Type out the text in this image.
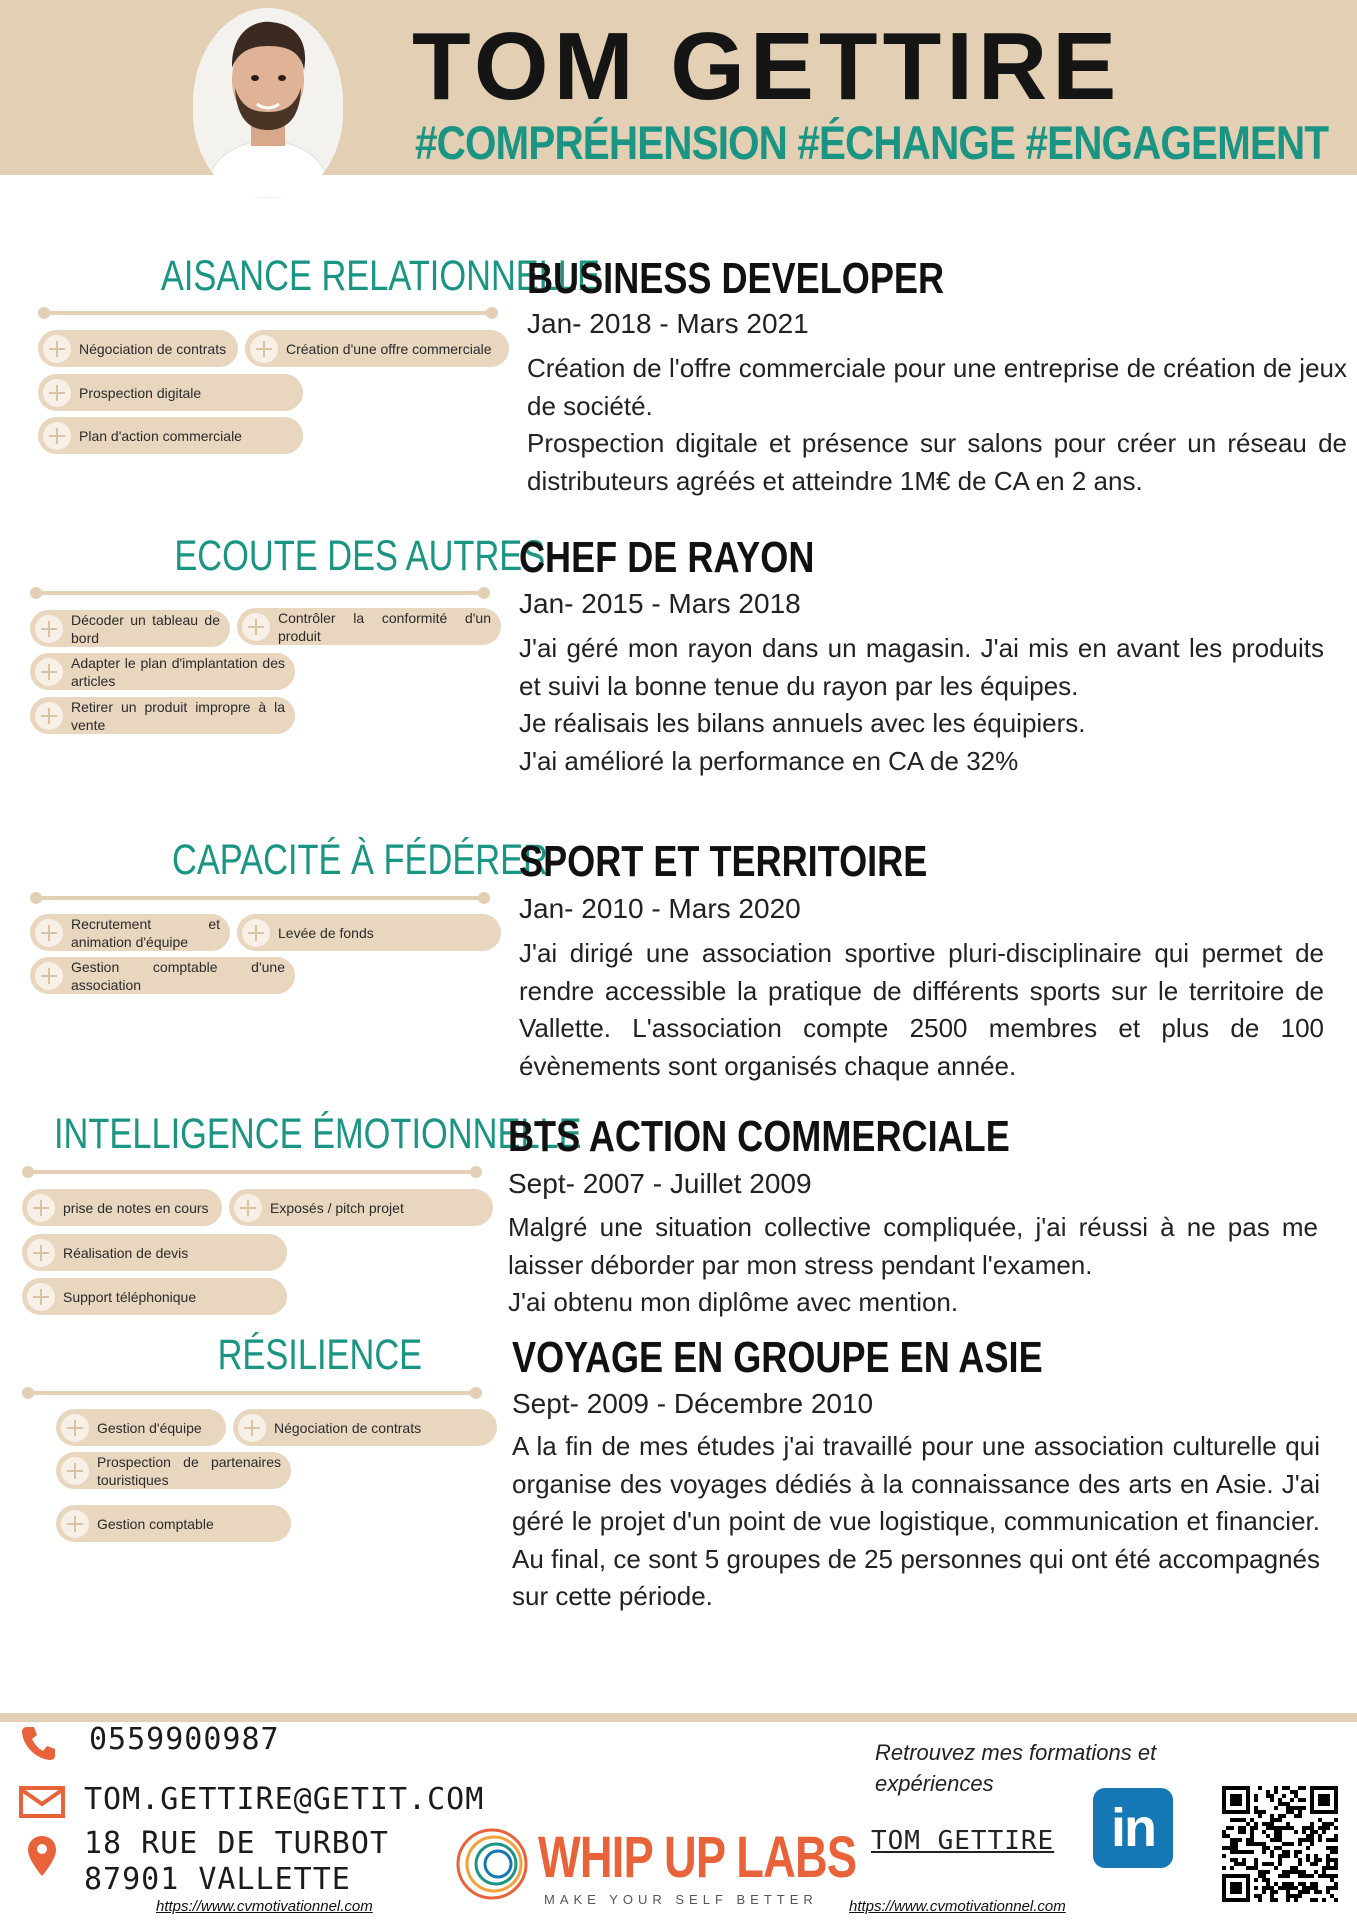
TOM GETTIRE
#COMPRÉHENSION #ÉCHANGE #ENGAGEMENT
AISANCE RELATIONNELLE
Négociation de contrats	Création d'une offre commerciale
Prospection digitale
Plan d'action commerciale
ECOUTE DES AUTRES
Décoder un tableau de bord
Contrôler la conformité d'un produit
Adapter le plan d'implantation des articles
Retirer un produit impropre à la vente
CAPACITÉ À FÉDÉRER
Recrutement et animation d'équipe
Levée de fonds
Gestion comptable d'une association
INTELLIGENCE ÉMOTIONNELLE
prise de notes en cours	Exposés / pitch projet
Réalisation de devis
Support téléphonique
RÉSILIENCE
Gestion d'équipe	Négociation de contrats
Prospection de partenaires touristiques
Gestion comptable
BUSINESS DEVELOPER
Jan- 2018 - Mars 2021
Création de l'offre commerciale pour une entreprise de création de jeux de société.
Prospection digitale et présence sur salons pour créer un réseau de distributeurs agréés et atteindre 1M€ de CA en 2 ans.
CHEF DE RAYON
Jan- 2015 - Mars 2018
J'ai géré mon rayon dans un magasin. J'ai mis en avant les produits et suivi la bonne tenue du rayon par les équipes.
Je réalisais les bilans annuels avec les équipiers.
J'ai amélioré la performance en CA de 32%
SPORT ET TERRITOIRE
Jan- 2010 - Mars 2020
J'ai dirigé une association sportive pluri-disciplinaire qui permet de rendre accessible la pratique de différents sports sur le territoire de Vallette. L'association compte 2500 membres et plus de 100 évènements sont organisés chaque année.
BTS ACTION COMMERCIALE
Sept- 2007 - Juillet 2009
Malgré une situation collective compliquée, j'ai réussi à ne pas me laisser déborder par mon stress pendant l'examen.
J'ai obtenu mon diplôme avec mention.
VOYAGE EN GROUPE EN ASIE
Sept- 2009 - Décembre 2010
A la fin de mes études j'ai travaillé pour une association culturelle qui organise des voyages dédiés à la connaissance des arts en Asie. J'ai géré le projet d'un point de vue logistique, communication et financier. Au final, ce sont 5 groupes de 25 personnes qui ont été accompagnés sur cette période.
0559900987
TOM.GETTIRE@GETIT.COM
18 RUE DE TURBOT
87901 VALLETTE
https://www.cvmotivationnel.com
WHIP UP LABS
MAKE YOUR SELF BETTER
Retrouvez mes formations et expériences
TOM GETTIRE	in
https://www.cvmotivationnel.com
